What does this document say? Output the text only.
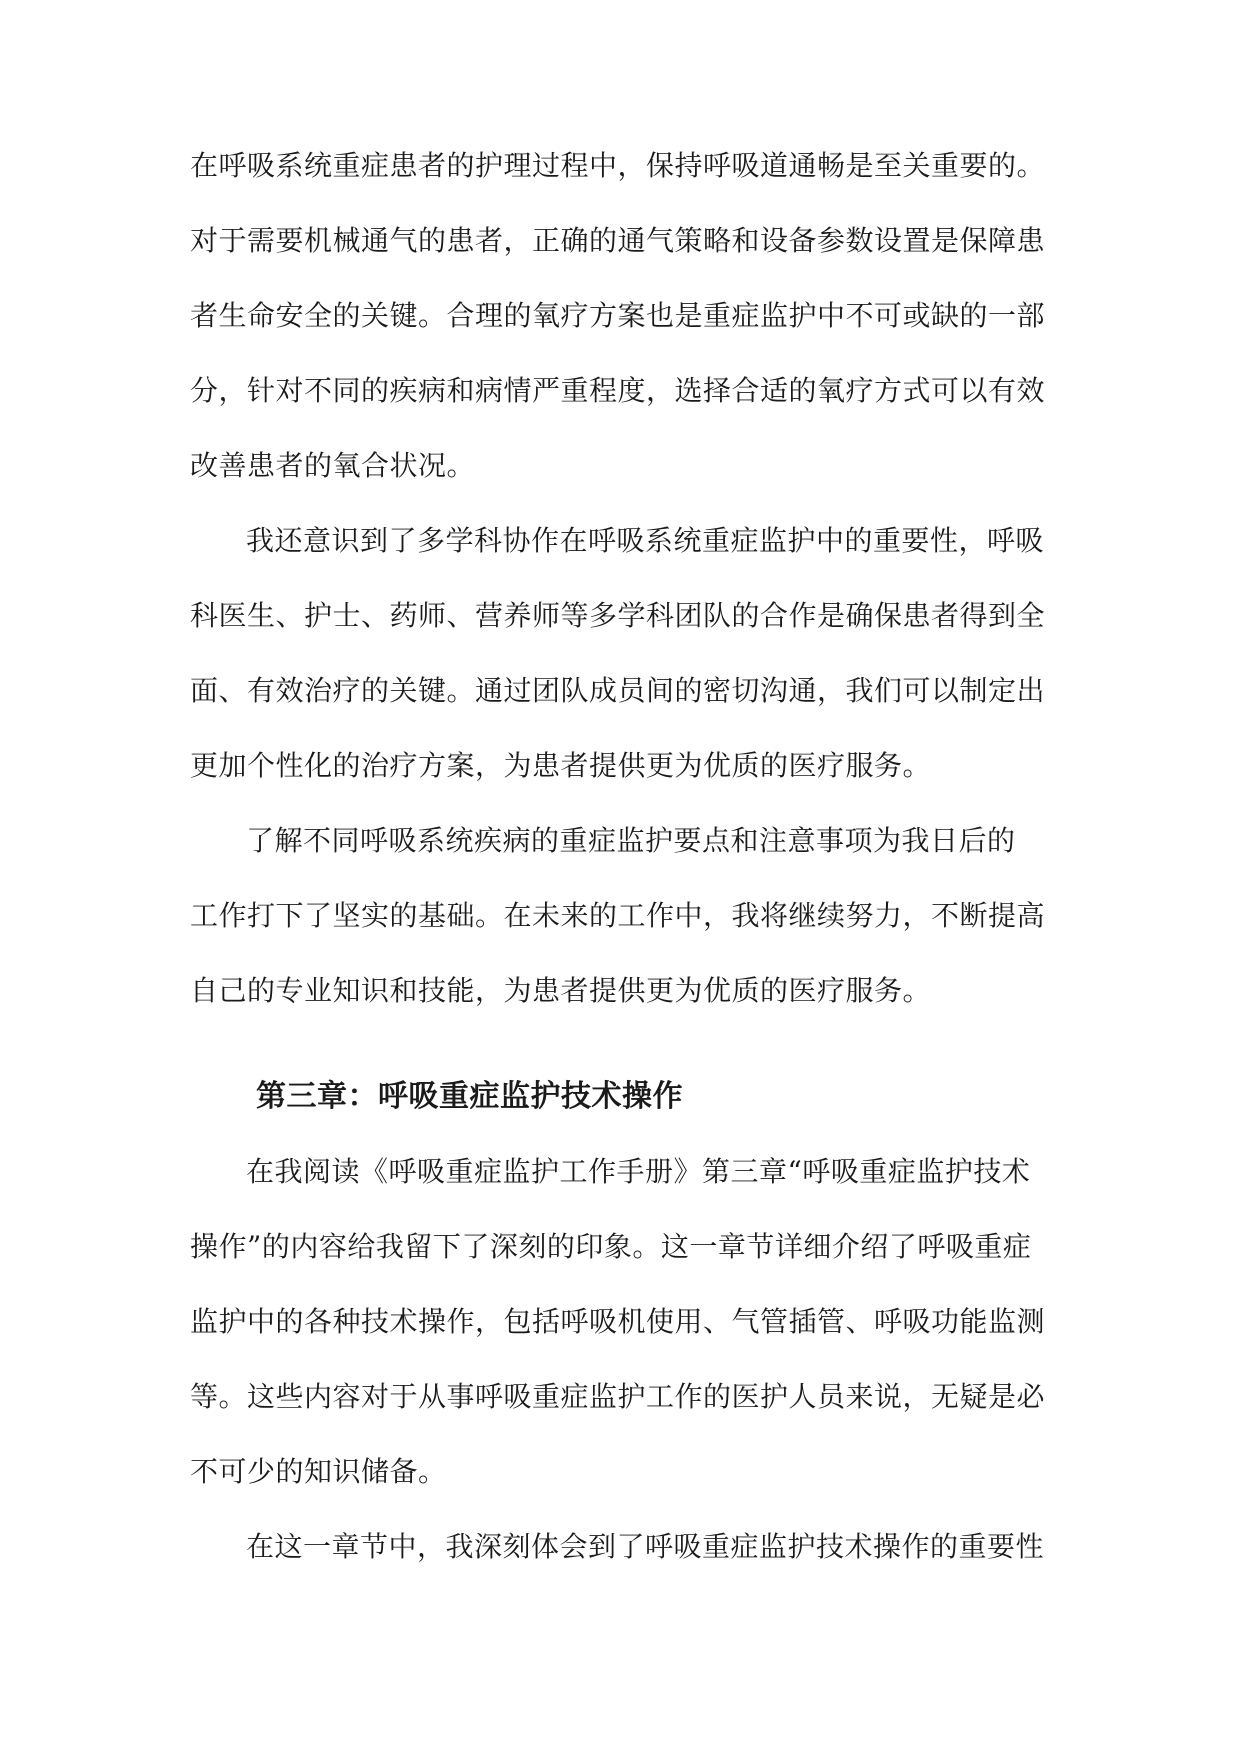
在呼吸系统重症患者的护理过程中，保持呼吸道通畅是至关重要的。
对于需要机械通气的患者，正确的通气策略和设备参数设置是保障患
者生命安全的关键。合理的氧疗方案也是重症监护中不可或缺的一部
分，针对不同的疾病和病情严重程度，选择合适的氧疗方式可以有效
改善患者的氧合状况。
我还意识到了多学科协作在呼吸系统重症监护中的重要性，呼吸
科医生、护士、药师、营养师等多学科团队的合作是确保患者得到全
面、有效治疗的关键。通过团队成员间的密切沟通，我们可以制定出
更加个性化的治疗方案，为患者提供更为优质的医疗服务。
了解不同呼吸系统疾病的重症监护要点和注意事项为我日后的
工作打下了坚实的基础。在未来的工作中，我将继续努力，不断提高
自己的专业知识和技能，为患者提供更为优质的医疗服务。
第三章：呼吸重症监护技术操作
在我阅读《呼吸重症监护工作手册》第三章“呼吸重症监护技术
操作”的内容给我留下了深刻的印象。这一章节详细介绍了呼吸重症
监护中的各种技术操作，包括呼吸机使用、气管插管、呼吸功能监测
等。这些内容对于从事呼吸重症监护工作的医护人员来说，无疑是必
不可少的知识储备。
在这一章节中，我深刻体会到了呼吸重症监护技术操作的重要性
